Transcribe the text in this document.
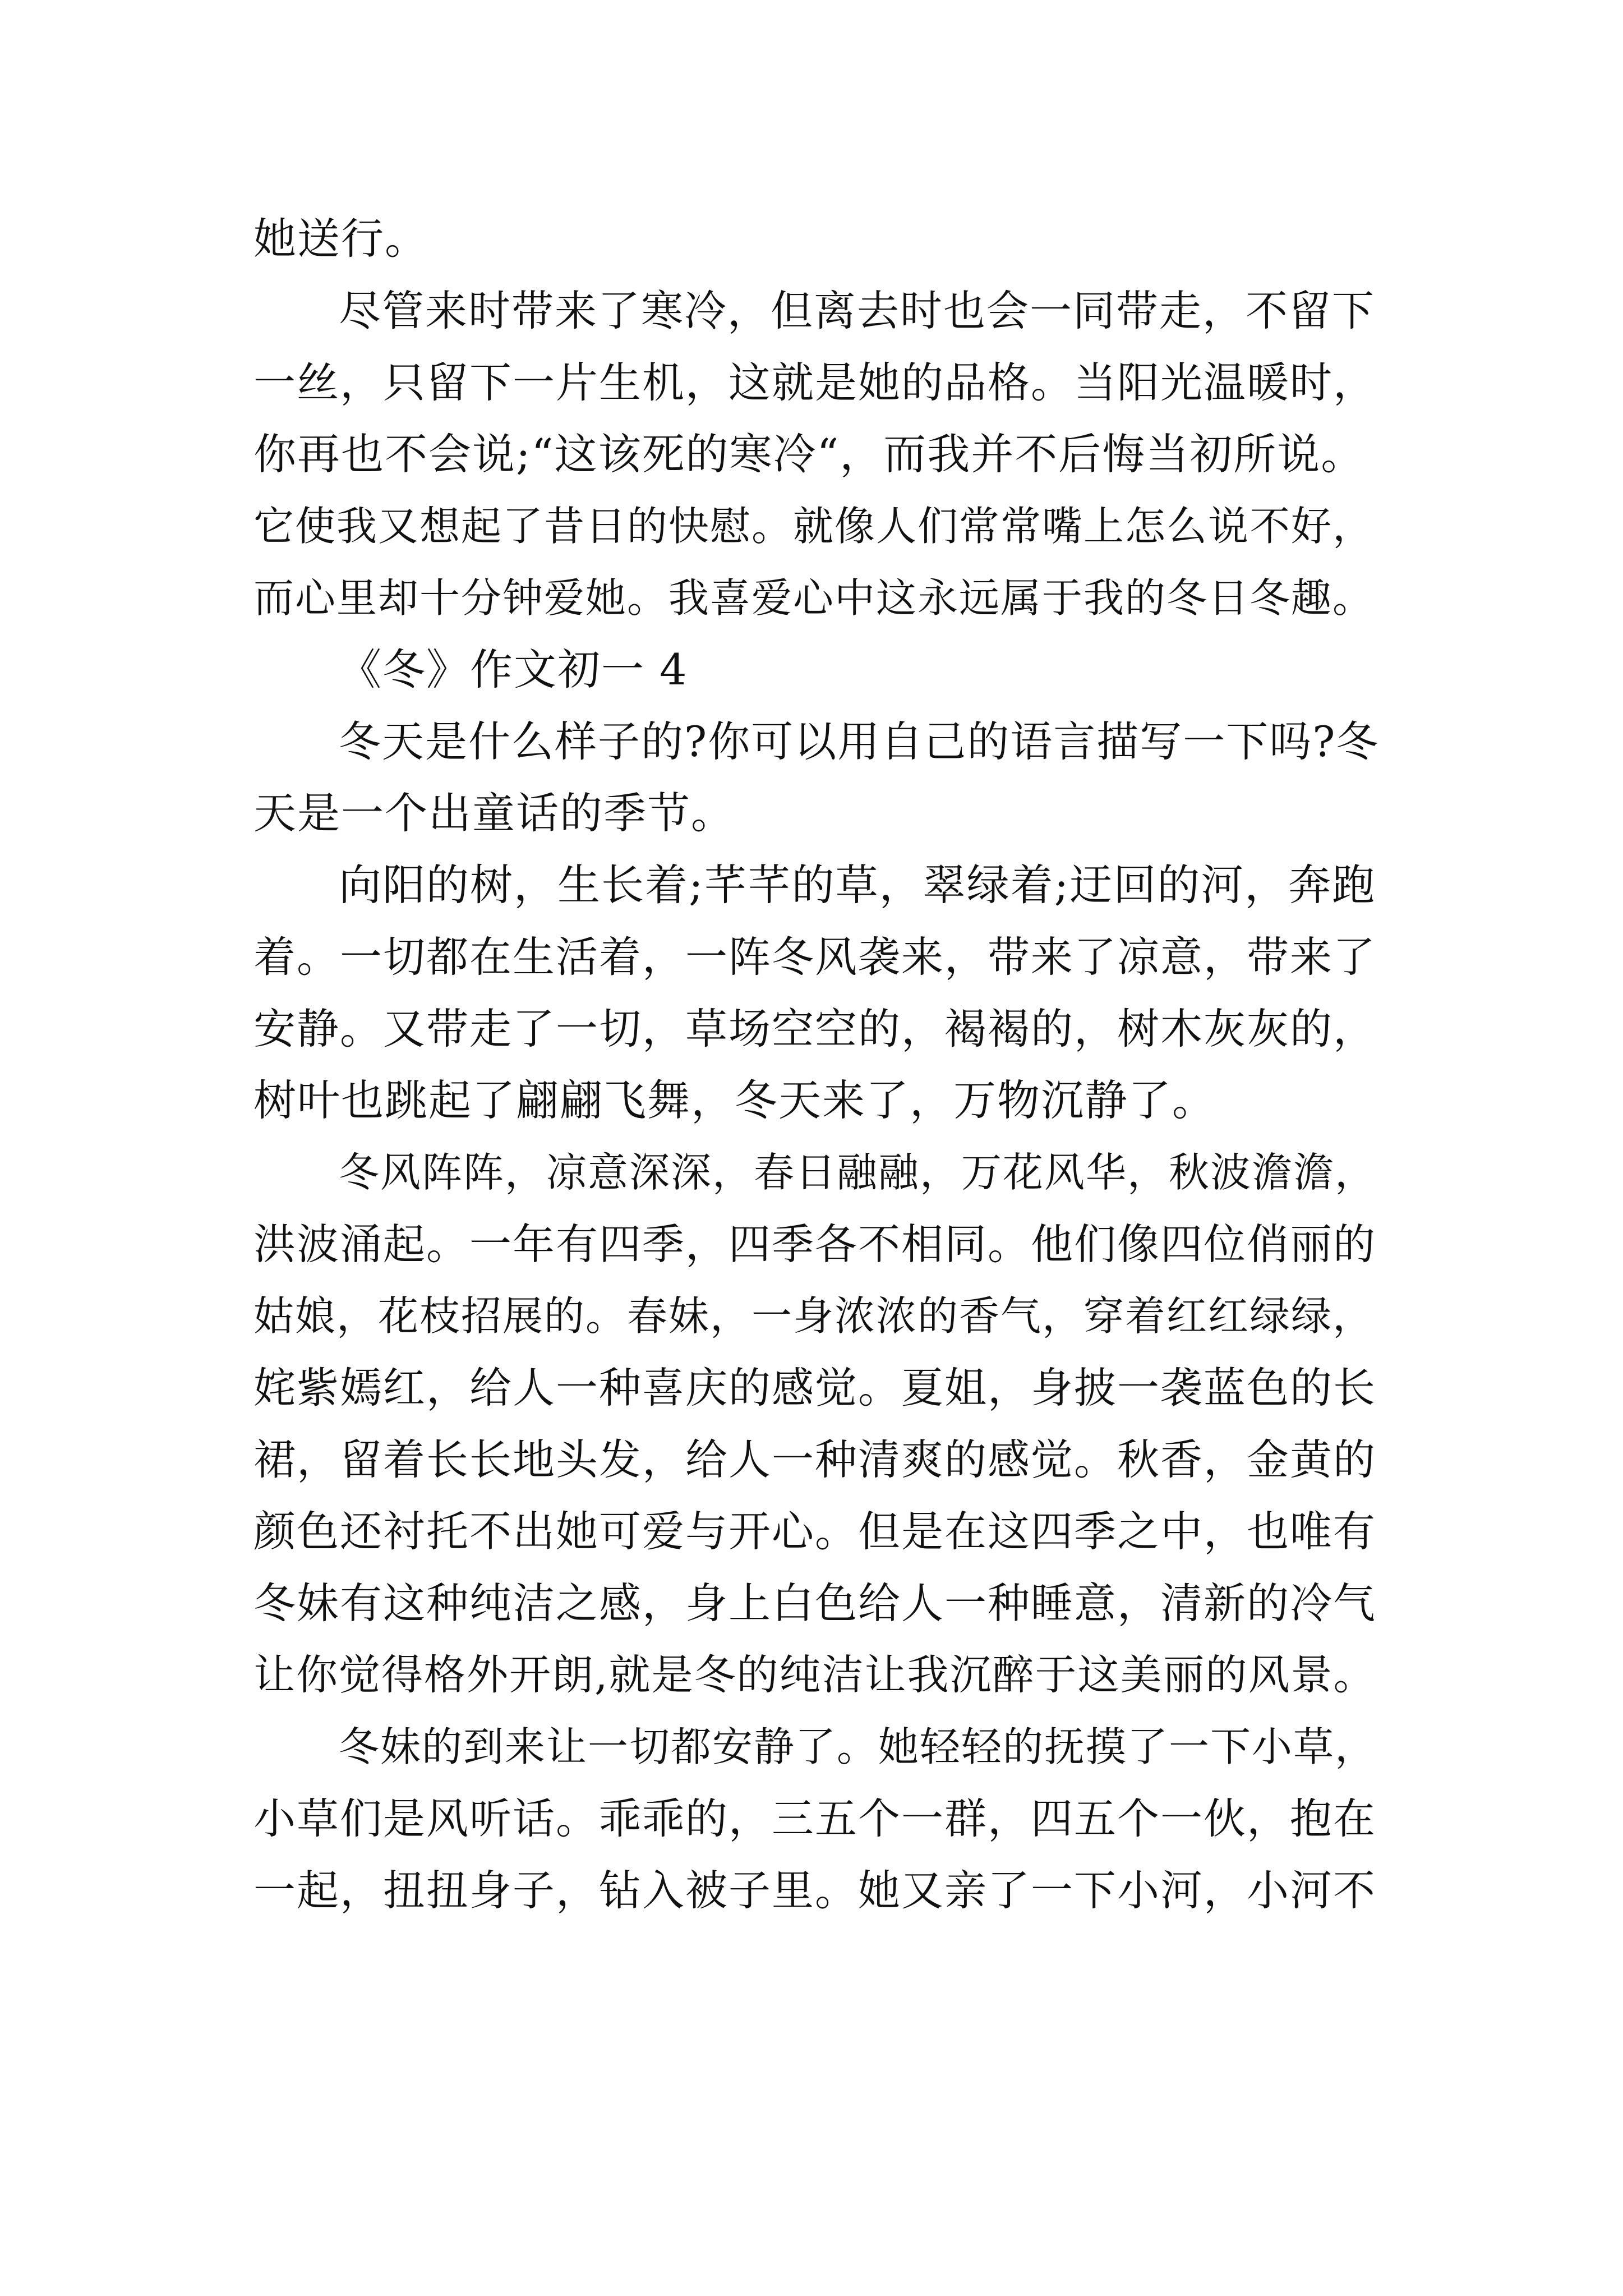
她送行。
尽管来时带来了寒冷，但离去时也会一同带走，不留下
一丝，只留下一片生机，这就是她的品格。当阳光温暖时，
你再也不会说;“这该死的寒冷“，而我并不后悔当初所说。
它使我又想起了昔日的快慰。就像人们常常嘴上怎么说不好，
而心里却十分钟爱她。我喜爱心中这永远属于我的冬日冬趣。
《冬》作文初一 4
冬天是什么样子的?你可以用自己的语言描写一下吗?冬
天是一个出童话的季节。
向阳的树，生长着;芊芊的草，翠绿着;迂回的河，奔跑
着。一切都在生活着，一阵冬风袭来，带来了凉意，带来了
安静。又带走了一切，草场空空的，褐褐的，树木灰灰的，
树叶也跳起了翩翩飞舞，冬天来了，万物沉静了。
冬风阵阵，凉意深深，春日融融，万花风华，秋波澹澹，
洪波涌起。一年有四季，四季各不相同。他们像四位俏丽的
姑娘，花枝招展的。春妹，一身浓浓的香气，穿着红红绿绿，
姹紫嫣红，给人一种喜庆的感觉。夏姐，身披一袭蓝色的长
裙，留着长长地头发，给人一种清爽的感觉。秋香，金黄的
颜色还衬托不出她可爱与开心。但是在这四季之中，也唯有
冬妹有这种纯洁之感，身上白色给人一种睡意，清新的冷气
让你觉得格外开朗,就是冬的纯洁让我沉醉于这美丽的风景。
冬妹的到来让一切都安静了。她轻轻的抚摸了一下小草，
小草们是风听话。乖乖的，三五个一群，四五个一伙，抱在
一起，扭扭身子，钻入被子里。她又亲了一下小河，小河不
